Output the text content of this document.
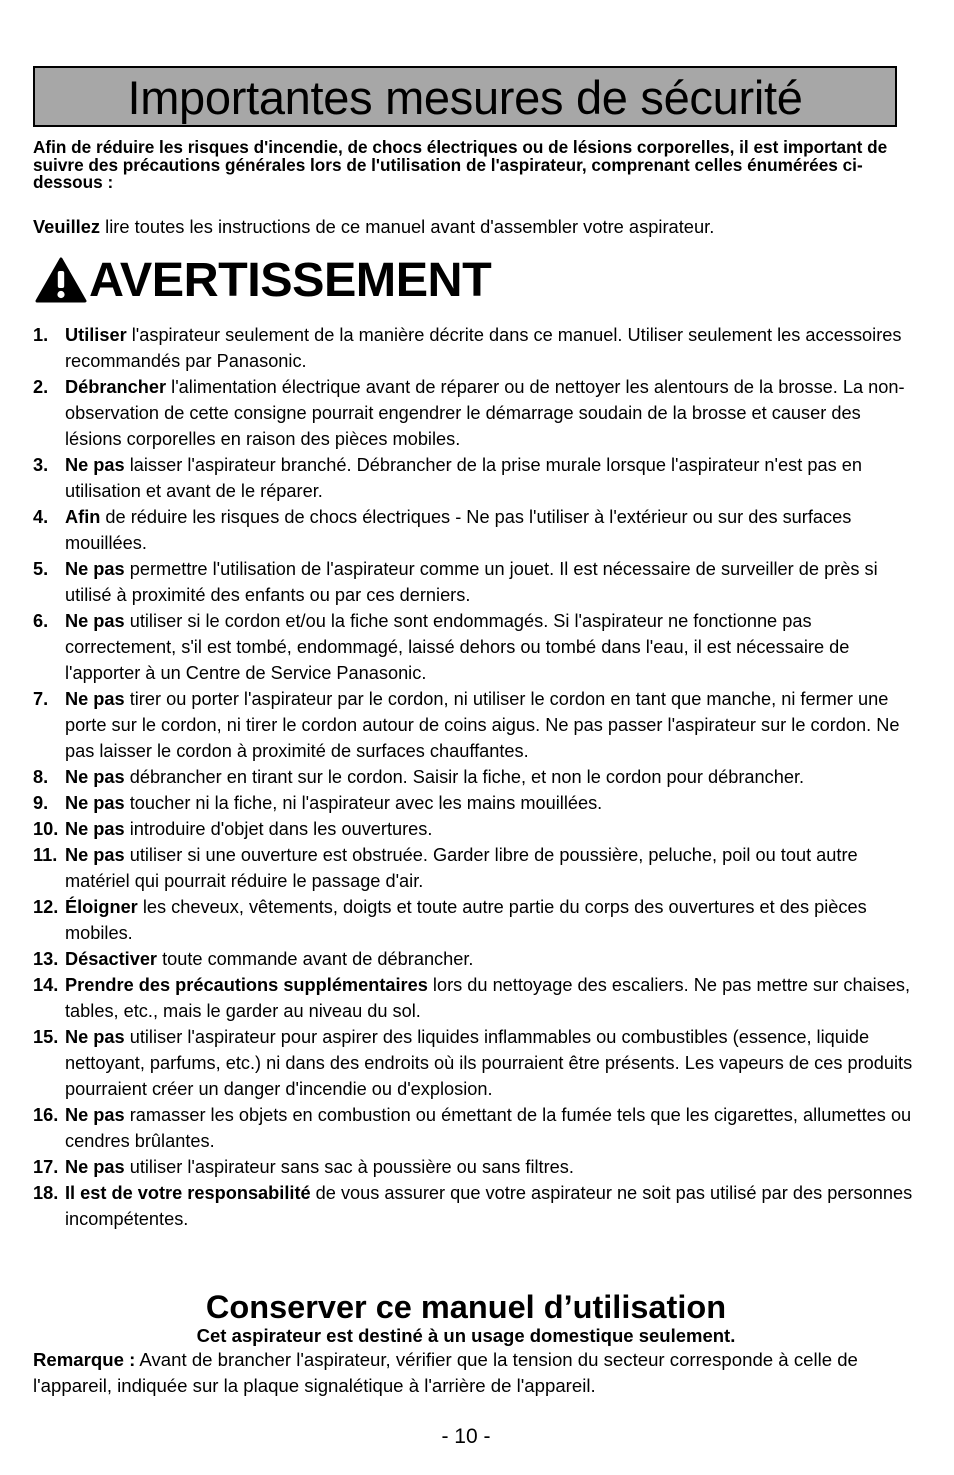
Importantes mesures de sécurité
Afin de réduire les risques d'incendie, de chocs électriques ou de lésions corporelles, il est important de suivre des précautions générales lors de l'utilisation de l'aspirateur, comprenant celles énumérées ci-dessous :
Veuillez lire toutes les instructions de ce manuel avant d'assembler votre aspirateur.
AVERTISSEMENT
1. Utiliser l'aspirateur seulement de la manière décrite dans ce manuel. Utiliser seulement les accessoires recommandés par Panasonic.
2. Débrancher l'alimentation électrique avant de réparer ou de nettoyer les alentours de la brosse. La non-observation de cette consigne pourrait engendrer le démarrage soudain de la brosse et causer des lésions corporelles en raison des pièces mobiles.
3. Ne pas laisser l'aspirateur branché. Débrancher de la prise murale lorsque l'aspirateur n'est pas en utilisation et avant de le réparer.
4. Afin de réduire les risques de chocs électriques - Ne pas l'utiliser à l'extérieur ou sur des surfaces mouillées.
5. Ne pas permettre l'utilisation de l'aspirateur comme un jouet. Il est nécessaire de surveiller de près si utilisé à proximité des enfants ou par ces derniers.
6. Ne pas utiliser si le cordon et/ou la fiche sont endommagés. Si l'aspirateur ne fonctionne pas correctement, s'il est tombé, endommagé, laissé dehors ou tombé dans l'eau, il est nécessaire de l'apporter à un Centre de Service Panasonic.
7. Ne pas tirer ou porter l'aspirateur par le cordon, ni utiliser le cordon en tant que manche, ni fermer une porte sur le cordon, ni tirer le cordon autour de coins aigus. Ne pas passer l'aspirateur sur le cordon. Ne pas laisser le cordon à proximité de surfaces chauffantes.
8. Ne pas débrancher en tirant sur le cordon. Saisir la fiche, et non le cordon pour débrancher.
9. Ne pas toucher ni la fiche, ni l'aspirateur avec les mains mouillées.
10. Ne pas introduire d'objet dans les ouvertures.
11. Ne pas utiliser si une ouverture est obstruée. Garder libre de poussière, peluche, poil ou tout autre matériel qui pourrait réduire le passage d'air.
12. Éloigner les cheveux, vêtements, doigts et toute autre partie du corps des ouvertures et des pièces mobiles.
13. Désactiver toute commande avant de débrancher.
14. Prendre des précautions supplémentaires lors du nettoyage des escaliers. Ne pas mettre sur chaises, tables, etc., mais le garder au niveau du sol.
15. Ne pas utiliser l'aspirateur pour aspirer des liquides inflammables ou combustibles (essence, liquide nettoyant, parfums, etc.) ni dans des endroits où ils pourraient être présents. Les vapeurs de ces produits pourraient créer un danger d'incendie ou d'explosion.
16. Ne pas ramasser les objets en combustion ou émettant de la fumée tels que les cigarettes, allumettes ou cendres brûlantes.
17. Ne pas utiliser l'aspirateur sans sac à poussière ou sans filtres.
18. Il est de votre responsabilité de vous assurer que votre aspirateur ne soit pas utilisé par des personnes incompétentes.
Conserver ce manuel d’utilisation
Cet aspirateur est destiné à un usage domestique seulement.
Remarque : Avant de brancher l'aspirateur, vérifier que la tension du secteur corresponde à celle de l'appareil, indiquée sur la plaque signalétique à l'arrière de l'appareil.
- 10 -
